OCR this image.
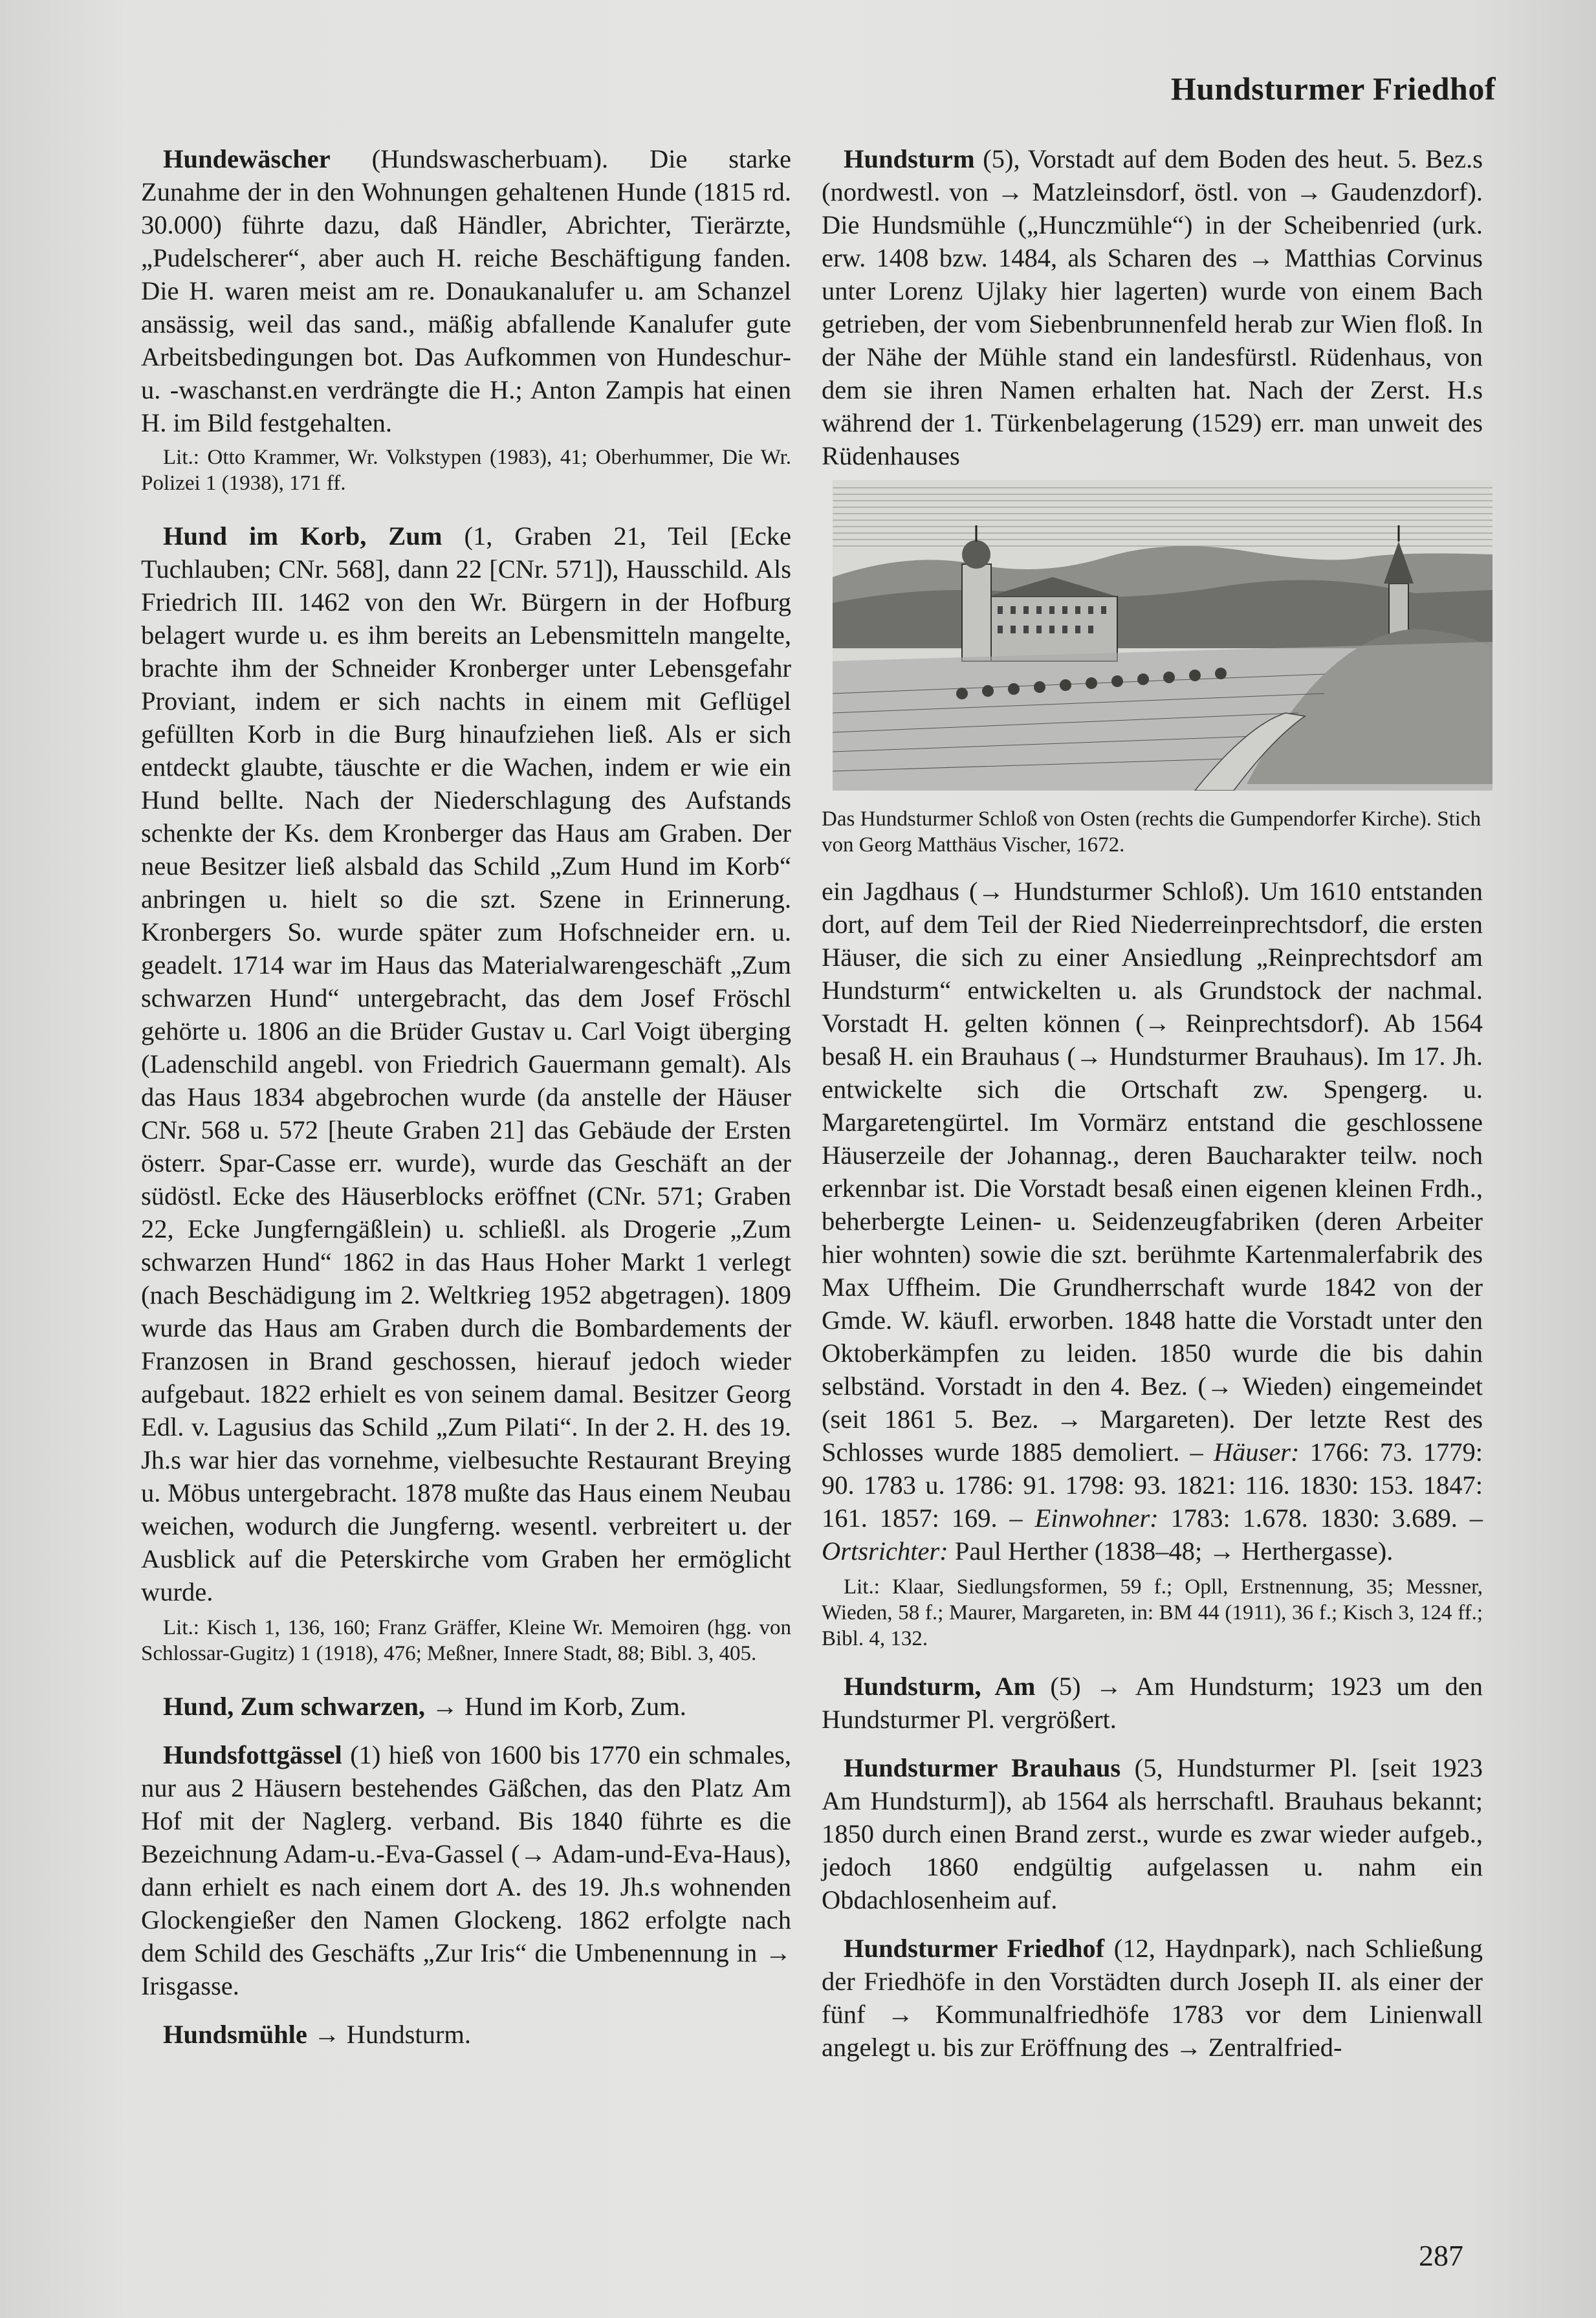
Hundsturmer Friedhof
Hundewäscher (Hundswascherbuam). Die starke Zunahme der in den Wohnungen gehaltenen Hunde (1815 rd. 30.000) führte dazu, daß Händler, Abrichter, Tierärzte, „Pudelscherer“, aber auch H. reiche Beschäftigung fanden. Die H. waren meist am re. Donaukanalufer u. am Schanzel ansässig, weil das sand., mäßig abfallende Kanalufer gute Arbeitsbedingungen bot. Das Aufkommen von Hundeschur- u. -waschanst.en verdrängte die H.; Anton Zampis hat einen H. im Bild festgehalten.
Lit.: Otto Krammer, Wr. Volkstypen (1983), 41; Oberhummer, Die Wr. Polizei 1 (1938), 171 ff.
Hund im Korb, Zum (1, Graben 21, Teil [Ecke Tuchlauben; CNr. 568], dann 22 [CNr. 571]), Hausschild. Als Friedrich III. 1462 von den Wr. Bürgern in der Hofburg belagert wurde u. es ihm bereits an Lebensmitteln mangelte, brachte ihm der Schneider Kronberger unter Lebensgefahr Proviant, indem er sich nachts in einem mit Geflügel gefüllten Korb in die Burg hinaufziehen ließ. Als er sich entdeckt glaubte, täuschte er die Wachen, indem er wie ein Hund bellte. Nach der Niederschlagung des Aufstands schenkte der Ks. dem Kronberger das Haus am Graben. Der neue Besitzer ließ alsbald das Schild „Zum Hund im Korb“ anbringen u. hielt so die szt. Szene in Erinnerung. Kronbergers So. wurde später zum Hofschneider ern. u. geadelt. 1714 war im Haus das Materialwarengeschäft „Zum schwarzen Hund“ untergebracht, das dem Josef Fröschl gehörte u. 1806 an die Brüder Gustav u. Carl Voigt überging (Ladenschild angebl. von Friedrich Gauermann gemalt). Als das Haus 1834 abgebrochen wurde (da anstelle der Häuser CNr. 568 u. 572 [heute Graben 21] das Gebäude der Ersten österr. Spar-Casse err. wurde), wurde das Geschäft an der südöstl. Ecke des Häuserblocks eröffnet (CNr. 571; Graben 22, Ecke Jungferngäßlein) u. schließl. als Drogerie „Zum schwarzen Hund“ 1862 in das Haus Hoher Markt 1 verlegt (nach Beschädigung im 2. Weltkrieg 1952 abgetragen). 1809 wurde das Haus am Graben durch die Bombardements der Franzosen in Brand geschossen, hierauf jedoch wieder aufgebaut. 1822 erhielt es von seinem damal. Besitzer Georg Edl. v. Lagusius das Schild „Zum Pilati“. In der 2. H. des 19. Jh.s war hier das vornehme, vielbesuchte Restaurant Breying u. Möbus untergebracht. 1878 mußte das Haus einem Neubau weichen, wodurch die Jungferng. wesentl. verbreitert u. der Ausblick auf die Peterskirche vom Graben her ermöglicht wurde.
Lit.: Kisch 1, 136, 160; Franz Gräffer, Kleine Wr. Memoiren (hgg. von Schlossar-Gugitz) 1 (1918), 476; Meßner, Innere Stadt, 88; Bibl. 3, 405.
Hund, Zum schwarzen, → Hund im Korb, Zum.
Hundsfottgässel (1) hieß von 1600 bis 1770 ein schmales, nur aus 2 Häusern bestehendes Gäßchen, das den Platz Am Hof mit der Naglerg. verband. Bis 1840 führte es die Bezeichnung Adam-u.-Eva-Gassel (→ Adam-und-Eva-Haus), dann erhielt es nach einem dort A. des 19. Jh.s wohnenden Glockengießer den Namen Glockeng. 1862 erfolgte nach dem Schild des Geschäfts „Zur Iris“ die Umbenennung in → Irisgasse.
Hundsmühle → Hundsturm.
Hundsturm (5), Vorstadt auf dem Boden des heut. 5. Bez.s (nordwestl. von → Matzleinsdorf, östl. von → Gaudenzdorf). Die Hundsmühle („Hunczmühle“) in der Scheibenried (urk. erw. 1408 bzw. 1484, als Scharen des → Matthias Corvinus unter Lorenz Ujlaky hier lagerten) wurde von einem Bach getrieben, der vom Siebenbrunnenfeld herab zur Wien floß. In der Nähe der Mühle stand ein landesfürstl. Rüdenhaus, von dem sie ihren Namen erhalten hat. Nach der Zerst. H.s während der 1. Türkenbelagerung (1529) err. man unweit des Rüdenhauses
Das Hundsturmer Schloß von Osten (rechts die Gumpendorfer Kirche). Stich von Georg Matthäus Vischer, 1672.
ein Jagdhaus (→ Hundsturmer Schloß). Um 1610 entstanden dort, auf dem Teil der Ried Niederreinprechtsdorf, die ersten Häuser, die sich zu einer Ansiedlung „Reinprechtsdorf am Hundsturm“ entwickelten u. als Grundstock der nachmal. Vorstadt H. gelten können (→ Reinprechtsdorf). Ab 1564 besaß H. ein Brauhaus (→ Hundsturmer Brauhaus). Im 17. Jh. entwickelte sich die Ortschaft zw. Spengerg. u. Margaretengürtel. Im Vormärz entstand die geschlossene Häuserzeile der Johannag., deren Baucharakter teilw. noch erkennbar ist. Die Vorstadt besaß einen eigenen kleinen Frdh., beherbergte Leinen- u. Seidenzeugfabriken (deren Arbeiter hier wohnten) sowie die szt. berühmte Kartenmalerfabrik des Max Uffheim. Die Grundherrschaft wurde 1842 von der Gmde. W. käufl. erworben. 1848 hatte die Vorstadt unter den Oktoberkämpfen zu leiden. 1850 wurde die bis dahin selbständ. Vorstadt in den 4. Bez. (→ Wieden) eingemeindet (seit 1861 5. Bez. → Margareten). Der letzte Rest des Schlosses wurde 1885 demoliert. – Häuser: 1766: 73. 1779: 90. 1783 u. 1786: 91. 1798: 93. 1821: 116. 1830: 153. 1847: 161. 1857: 169. – Einwohner: 1783: 1.678. 1830: 3.689. – Ortsrichter: Paul Herther (1838–48; → Herthergasse).
Lit.: Klaar, Siedlungsformen, 59 f.; Opll, Erstnennung, 35; Messner, Wieden, 58 f.; Maurer, Margareten, in: BM 44 (1911), 36 f.; Kisch 3, 124 ff.; Bibl. 4, 132.
Hundsturm, Am (5) → Am Hundsturm; 1923 um den Hundsturmer Pl. vergrößert.
Hundsturmer Brauhaus (5, Hundsturmer Pl. [seit 1923 Am Hundsturm]), ab 1564 als herrschaftl. Brauhaus bekannt; 1850 durch einen Brand zerst., wurde es zwar wieder aufgeb., jedoch 1860 endgültig aufgelassen u. nahm ein Obdachlosenheim auf.
Hundsturmer Friedhof (12, Haydnpark), nach Schließung der Friedhöfe in den Vorstädten durch Joseph II. als einer der fünf → Kommunalfriedhöfe 1783 vor dem Linienwall angelegt u. bis zur Eröffnung des → Zentralfried-
287
